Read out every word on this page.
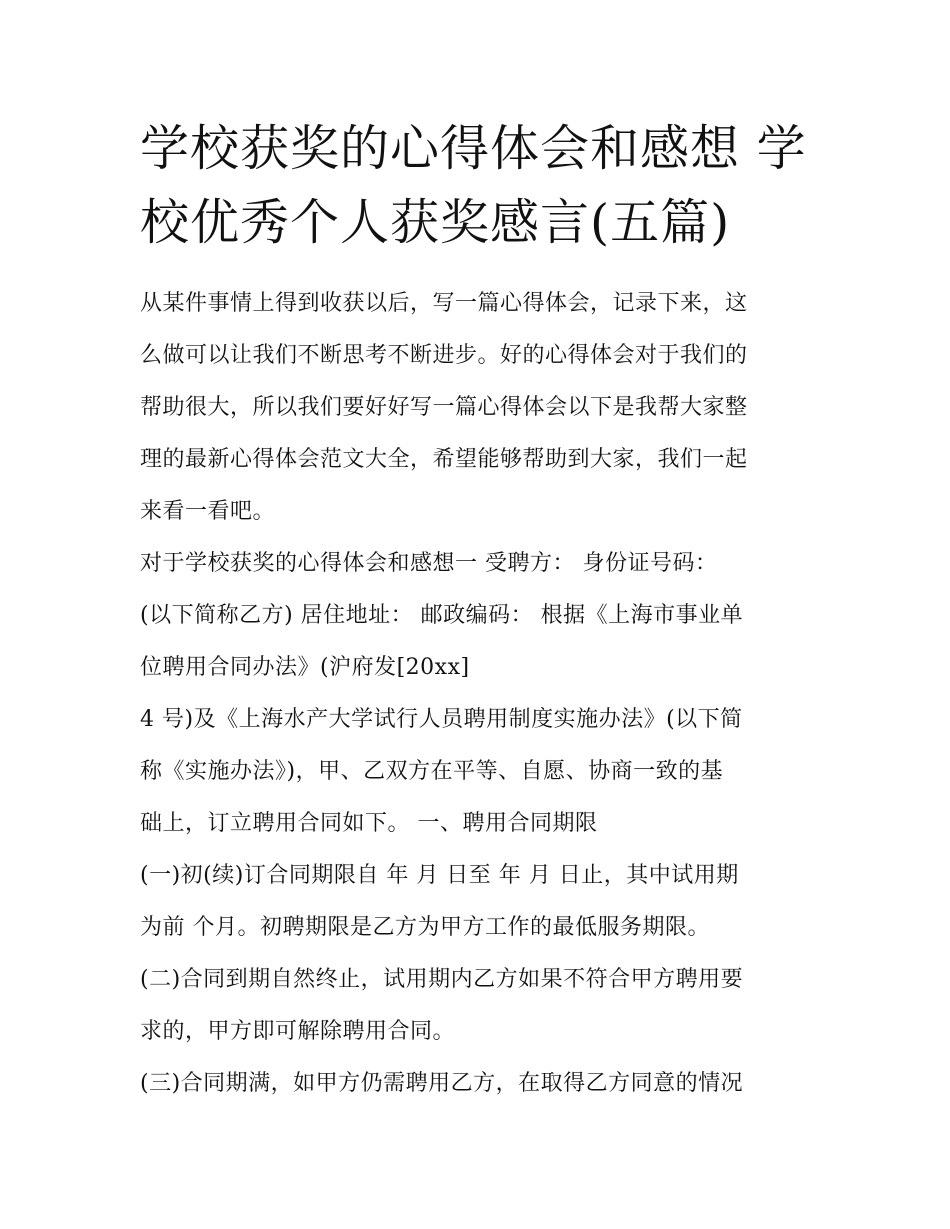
学校获奖的心得体会和感想 学校优秀个人获奖感言(五篇)

从某件事情上得到收获以后，写一篇心得体会，记录下来，这
么做可以让我们不断思考不断进步。好的心得体会对于我们的
帮助很大，所以我们要好好写一篇心得体会以下是我帮大家整
理的最新心得体会范文大全，希望能够帮助到大家，我们一起
来看一看吧。

对于学校获奖的心得体会和感想一 受聘方： 身份证号码：

(以下简称乙方) 居住地址： 邮政编码： 根据《上海市事业单
位聘用合同办法》(沪府发[20xx]

4 号)及《上海水产大学试行人员聘用制度实施办法》(以下简
称《实施办法》)，甲、乙双方在平等、自愿、协商一致的基
础上，订立聘用合同如下。 一、聘用合同期限

(一)初(续)订合同期限自 年 月 日至 年 月 日止，其中试用期
为前 个月。初聘期限是乙方为甲方工作的最低服务期限。

(二)合同到期自然终止，试用期内乙方如果不符合甲方聘用要
求的，甲方即可解除聘用合同。

(三)合同期满，如甲方仍需聘用乙方，在取得乙方同意的情况
